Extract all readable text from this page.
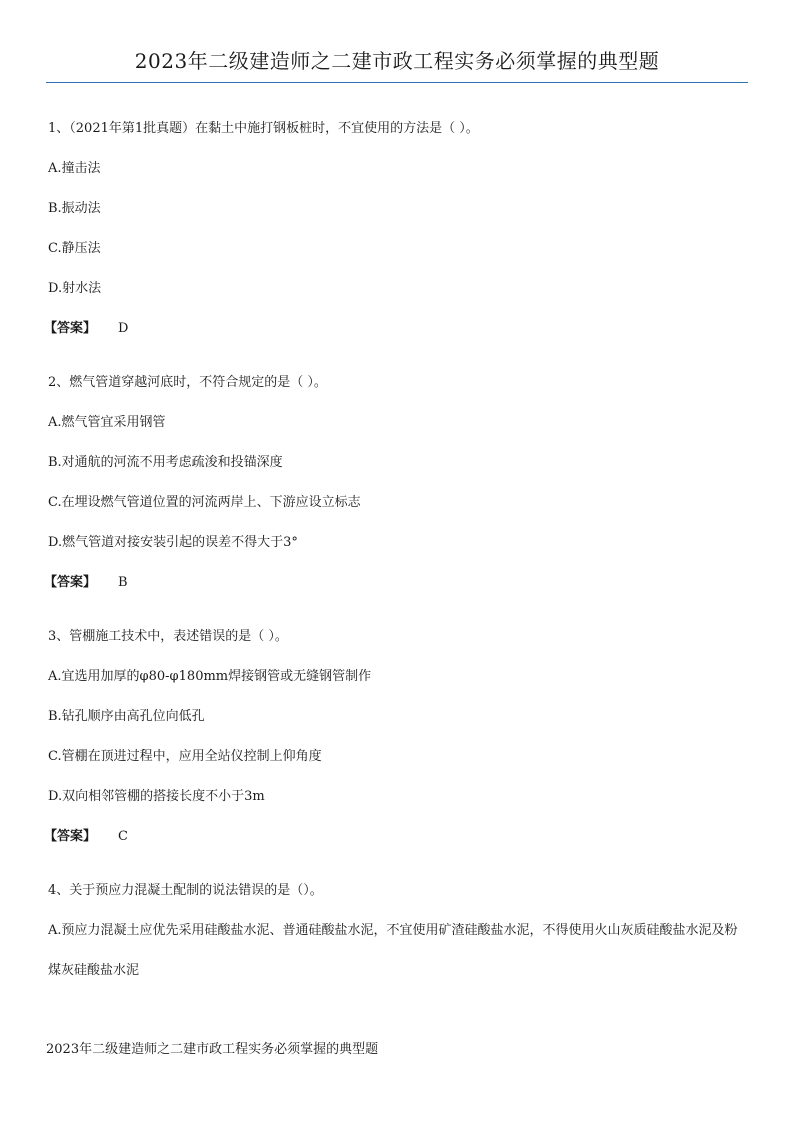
2023年二级建造师之二建市政工程实务必须掌握的典型题

1、（2021年第1批真题）在黏土中施打钢板桩时，不宜使用的方法是（ ）。

A.撞击法

B.振动法

C.静压法

D.射水法

【答案】 D

2、燃气管道穿越河底时，不符合规定的是（ ）。

A.燃气管宜采用钢管

B.对通航的河流不用考虑疏浚和投锚深度

C.在埋设燃气管道位置的河流两岸上、下游应设立标志

D.燃气管道对接安装引起的误差不得大于3°

【答案】 B

3、管棚施工技术中，表述错误的是（ ）。

A.宜选用加厚的φ80-φ180mm焊接钢管或无缝钢管制作

B.钻孔顺序由高孔位向低孔

C.管棚在顶进过程中，应用全站仪控制上仰角度

D.双向相邻管棚的搭接长度不小于3m

【答案】 C

4、关于预应力混凝土配制的说法错误的是（）。

A.预应力混凝土应优先采用硅酸盐水泥、普通硅酸盐水泥，不宜使用矿渣硅酸盐水泥，不得使用火山灰质硅酸盐水泥及粉煤灰硅酸盐水泥

2023年二级建造师之二建市政工程实务必须掌握的典型题
